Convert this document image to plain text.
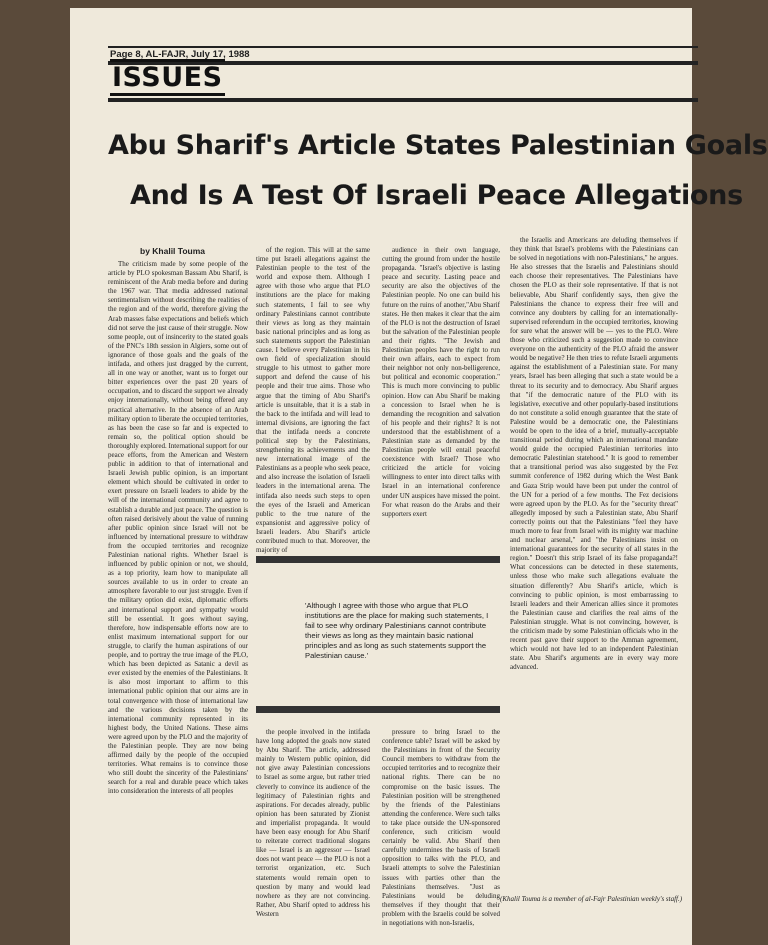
Page 8, AL-FAJR, July 17, 1988
ISSUES
Abu Sharif's Article States Palestinian Goals
And Is A Test Of Israeli Peace Allegations
by Khalil Touma

The criticism made by some people of the article by PLO spokesman Bassam Abu Sharif, is reminiscent of the Arab media before and during the 1967 war. That media addressed national sentimentalism without describing the realities of the region and of the world, therefore giving the Arab masses false expectations and beliefs which did not serve the just cause of their struggle. Now some people, out of insincerity to the stated goals of the PNC's 18th session in Algiers, some out of ignorance of those goals and the goals of the intifada, and others just dragged by the current, all in one way or another, want us to forget our bitter experiences over the past 20 years of occupation, and to discard the support we already enjoy internationally, without being offered any practical alternative. In the absence of an Arab military option to liberate the occupied territories, as has been the case so far and is expected to remain so, the political option should be thoroughly explored. International support for our peace efforts, from the American and Western public in addition to that of international and Israeli Jewish public opinion, is an important element which should be cultivated in order to exert pressure on Israeli leaders to abide by the will of the international community and agree to establish a durable and just peace. The question is often raised derisively about the value of running after public opinion since Israel will not be influenced by international pressure to withdraw from the occupied territories and recognize Palestinian national rights. Whether Israel is influenced by public opinion or not, we should, as a top priority, learn how to manipulate all sources available to us in order to create an atmosphere favorable to our just struggle. Even if the military option did exist, diplomatic efforts and international support and sympathy would still be essential. It goes without saying, therefore, how indispensable efforts now are to enlist maximum international support for our struggle, to clarify the human aspirations of our people, and to portray the true image of the PLO, which has been depicted as Satanic a devil as ever existed by the enemies of the Palestinians. It is also most important to affirm to this international public opinion that our aims are in total convergence with those of international law and the various decisions taken by the international community represented in its highest body, the United Nations. These aims were agreed upon by the PLO and the majority of the Palestinian people. They are now being affirmed daily by the people of the occupied territories. What remains is to convince those who still doubt the sincerity of the Palestinians' search for a real and durable peace which takes into consideration the interests of all peoples

of the region. This will at the same time put Israeli allegations against the Palestinian people to the test of the world and expose them. Although I agree with those who argue that PLO institutions are the place for making such statements, I fail to see why ordinary Palestinians cannot contribute their views as long as they maintain basic national principles and as long as such statements support the Palestinian cause. I believe every Palestinian in his own field of specialization should struggle to his utmost to gather more support and defend the cause of his people and their true aims. Those who argue that the timing of Abu Sharif's article is unsuitable, that it is a stab in the back to the intifada and will lead to internal divisions, are ignoring the fact that the intifada needs a concrete political step by the Palestinians, strengthening its achievements and the new international image of the Palestinians as a people who seek peace, and also increase the isolation of Israeli leaders in the international arena. The intifada also needs such steps to open the eyes of the Israeli and American public to the true nature of the expansionist and aggressive policy of Israeli leaders. Abu Sharif's article contributed much to that. Moreover, the majority of

audience in their own language, cutting the ground from under the hostile propaganda. "Israel's objective is lasting peace and security. Lasting peace and security are also the objectives of the Palestinian people. No one can build his future on the ruins of another,"Abu Sharif states. He then makes it clear that the aim of the PLO is not the destruction of Israel but the salvation of the Palestinian people and their rights. "The Jewish and Palestinian peoples have the right to run their own affairs, each to expect from their neighbor not only non-belligerence, but political and economic cooperation." This is much more convincing to public opinion. How can Abu Sharif be making a concession to Israel when he is demanding the recognition and salvation of his people and their rights? It is not understood that the establishment of a Palestinian state as demanded by the Palestinian people will entail peaceful coexistence with Israel? Those who criticized the article for voicing willingness to enter into direct talks with Israel in an international conference under UN auspices have missed the point. For what reason do the Arabs and their supporters exert

'Although I agree with those who argue that PLO institutions are the place for making such statements, I fail to see why ordinary Palestinians cannot contribute their views as long as they maintain basic national principles and as long as such statements support the Palestinian cause.'

the people involved in the intifada have long adopted the goals now stated by Abu Sharif. The article, addressed mainly to Western public opinion, did not give away Palestinian concessions to Israel as some argue, but rather tried cleverly to convince its audience of the legitimacy of Palestinian rights and aspirations. For decades already, public opinion has been saturated by Zionist and imperialist propaganda. It would have been easy enough for Abu Sharif to reiterate correct traditional slogans like — Israel is an aggressor — Israel does not want peace — the PLO is not a terrorist organization, etc. Such statements would remain open to question by many and would lead nowhere as they are not convincing. Rather, Abu Sharif opted to address his Western

pressure to bring Israel to the conference table? Israel will be asked by the Palestinians in front of the Security Council members to withdraw from the occupied territories and to recognize their national rights. There can be no compromise on the basic issues. The Palestinian position will be strengthened by the friends of the Palestinians attending the conference. Were such talks to take place outside the UN-sponsored conference, such criticism would certainly be valid. Abu Sharif then carefully undermines the basis of Israeli opposition to talks with the PLO, and Israeli attempts to solve the Palestinian issues with parties other than the Palestinians themselves. "Just as Palestinians would be deluding themselves if they thought that their problem with the Israelis could be solved in negotiations with non-Israelis,

the Israelis and Americans are deluding themselves if they think that Israel's problems with the Palestinians can be solved in negotiations with non-Palestinians," he argues. He also stresses that the Israelis and Palestinians should each choose their representatives. The Palestinians have chosen the PLO as their sole representative. If that is not believable, Abu Sharif confidently says, then give the Palestinians the chance to express their free will and convince any doubters by calling for an internationally-supervised referendum in the occupied territories, knowing for sure what the answer will be — yes to the PLO. Were those who criticized such a suggestion made to convince everyone on the authenticity of the PLO afraid the answer would be negative? He then tries to refute Israeli arguments against the establishment of a Palestinian state. For many years, Israel has been alleging that such a state would be a threat to its security and to democracy. Abu Sharif argues that "if the democratic nature of the PLO with its legislative, executive and other popularly-based institutions do not constitute a solid enough guarantee that the state of Palestine would be a democratic one, the Palestinians would be open to the idea of a brief, mutually-acceptable transitional period during which an international mandate would guide the occupied Palestinian territories into democratic Palestinian statehood." It is good to remember that a transitional period was also suggested by the Fez summit conference of 1982 during which the West Bank and Gaza Strip would have been put under the control of the UN for a period of a few months. The Fez decisions were agreed upon by the PLO. As for the "security threat" allegedly imposed by such a Palestinian state, Abu Sharif correctly points out that the Palestinians "feel they have much more to fear from Israel with its mighty war machine and nuclear arsenal," and "the Palestinians insist on international guarantees for the security of all states in the region." Doesn't this strip Israel of its false propaganda?! What concessions can be detected in these statements, unless those who make such allegations evaluate the situation differently? Abu Sharif's article, which is convincing to public opinion, is most embarrassing to Israeli leaders and their American allies since it promotes the Palestinian cause and clarifies the real aims of the Palestinian struggle. What is not convincing, however, is the criticism made by some Palestinian officials who in the recent past gave their support to the Amman agreement, which would not have led to an independent Palestinian state. Abu Sharif's arguments are in every way more advanced.

(Khalil Touma is a member of al-Fajr Palestinian weekly's staff.)
